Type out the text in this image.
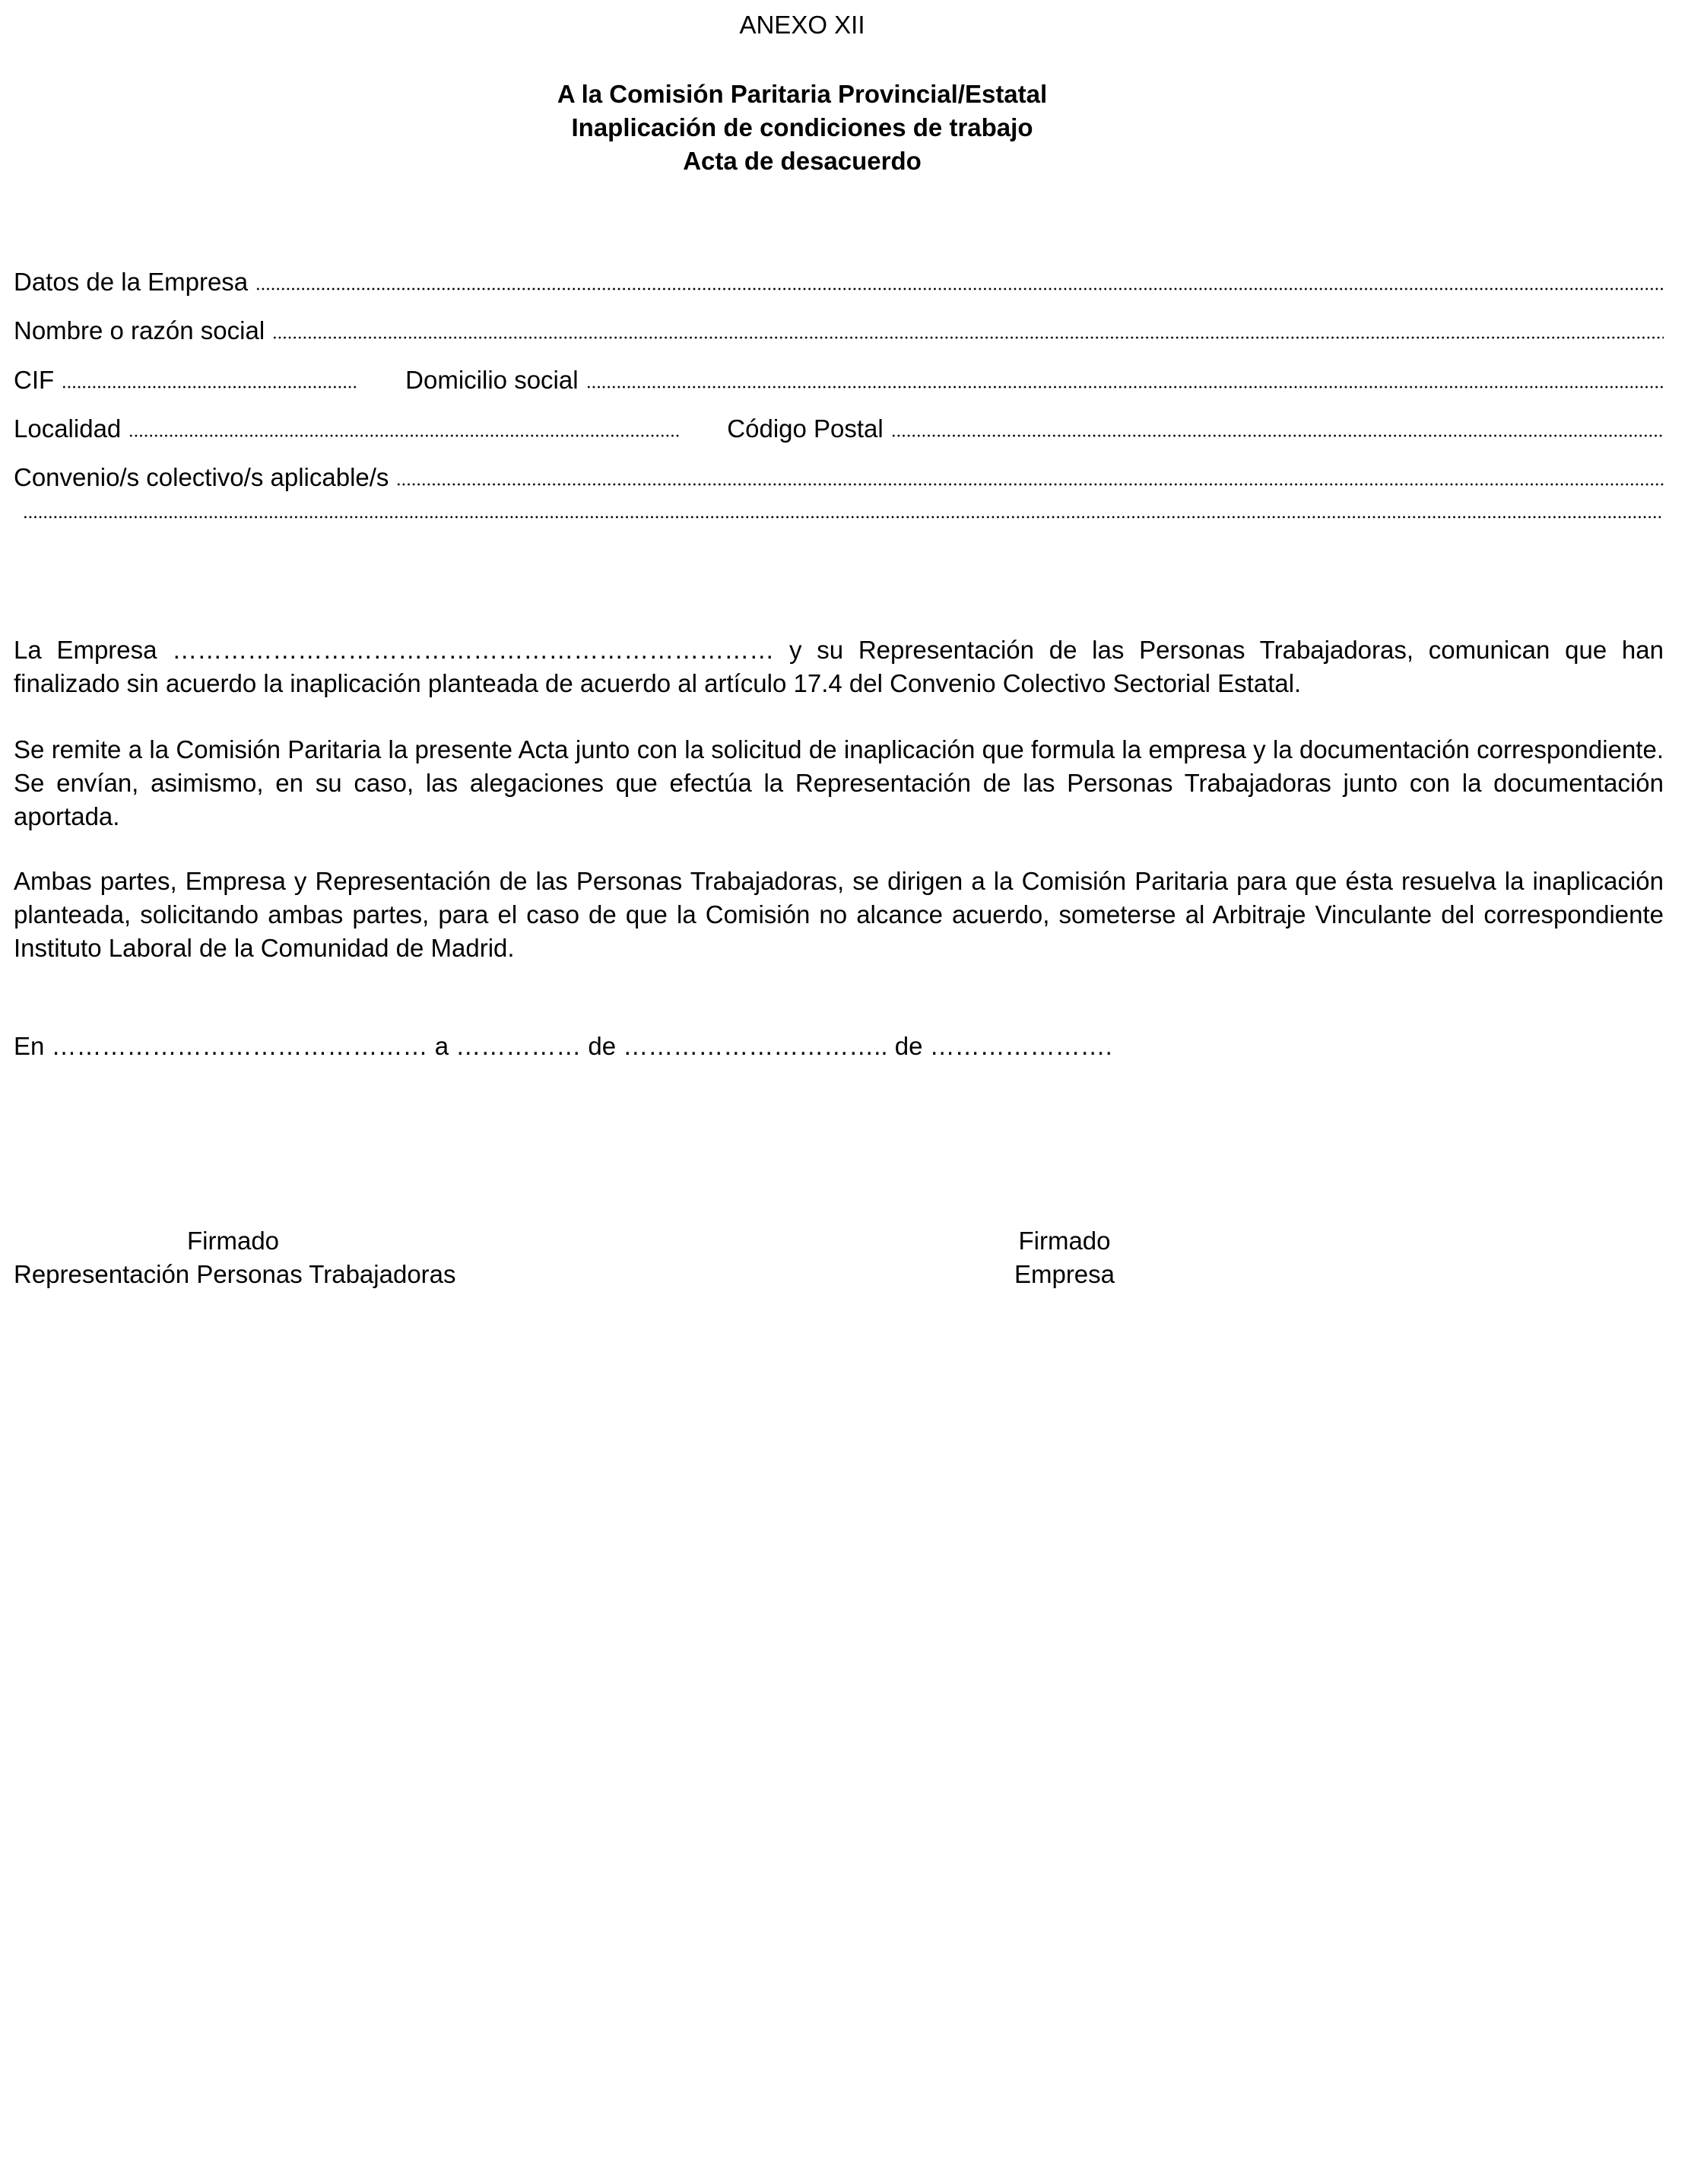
ANEXO XII
A la Comisión Paritaria Provincial/Estatal
Inaplicación de condiciones de trabajo
Acta de desacuerdo
Datos de la Empresa
Nombre o razón social
CIF	Domicilio social
Localidad	Código Postal
Convenio/s colectivo/s aplicable/s

La Empresa ……………………………………………………………… y su Representación de las Personas Trabajadoras, comunican que han finalizado sin acuerdo la inaplicación planteada de acuerdo al artículo 17.4 del Convenio Colectivo Sectorial Estatal.

Se remite a la Comisión Paritaria la presente Acta junto con la solicitud de inaplicación que formula la empresa y la documentación correspondiente. Se envían, asimismo, en su caso, las alegaciones que efectúa la Representación de las Personas Trabajadoras junto con la documentación aportada.

Ambas partes, Empresa y Representación de las Personas Trabajadoras, se dirigen a la Comisión Paritaria para que ésta resuelva la inaplicación planteada, solicitando ambas partes, para el caso de que la Comisión no alcance acuerdo, someterse al Arbitraje Vinculante del correspondiente Instituto Laboral de la Comunidad de Madrid.

En ……………………………………… a …………… de ………………………….. de ………………….

Firmado
Representación Personas Trabajadoras
Firmado
Empresa
